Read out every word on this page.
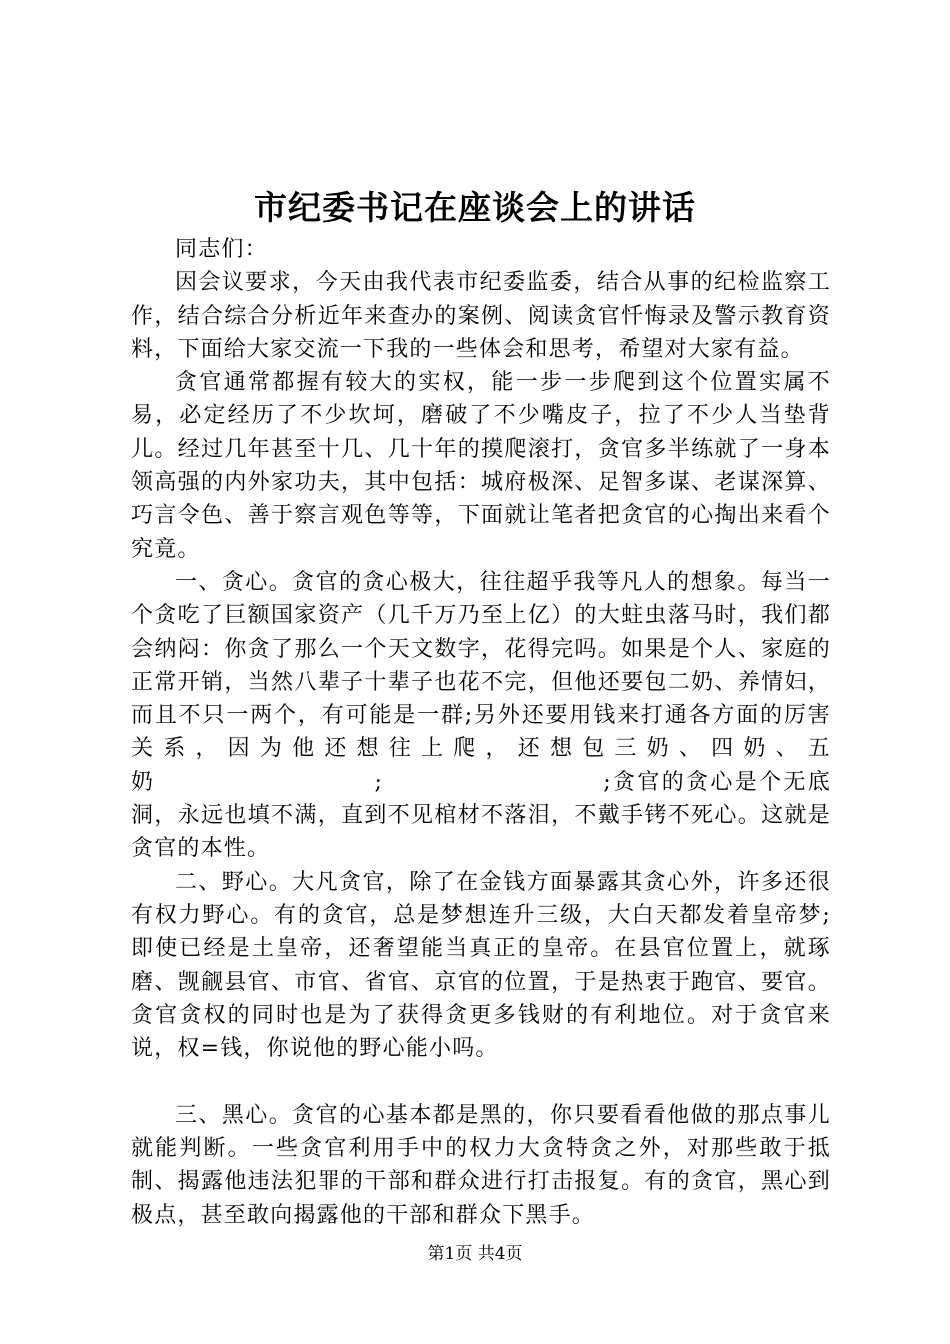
市纪委书记在座谈会上的讲话

同志们：

因会议要求，今天由我代表市纪委监委，结合从事的纪检监察工作，结合综合分析近年来查办的案例、阅读贪官忏悔录及警示教育资料，下面给大家交流一下我的一些体会和思考，希望对大家有益。

贪官通常都握有较大的实权，能一步一步爬到这个位置实属不易，必定经历了不少坎坷，磨破了不少嘴皮子，拉了不少人当垫背儿。经过几年甚至十几、几十年的摸爬滚打，贪官多半练就了一身本领高强的内外家功夫，其中包括：城府极深、足智多谋、老谋深算、巧言令色、善于察言观色等等，下面就让笔者把贪官的心掏出来看个究竟。

一、贪心。贪官的贪心极大，往往超乎我等凡人的想象。每当一个贪吃了巨额国家资产（几千万乃至上亿）的大蛀虫落马时，我们都会纳闷：你贪了那么一个天文数字，花得完吗。如果是个人、家庭的正常开销，当然八辈子十辈子也花不完，但他还要包二奶、养情妇，而且不只一两个，有可能是一群;另外还要用钱来打通各方面的厉害关系，因为他还想往上爬，还想包三奶、四奶、五奶　　　　　　　　　;　　　　　　　　　;贪官的贪心是个无底洞，永远也填不满，直到不见棺材不落泪，不戴手铐不死心。这就是贪官的本性。

二、野心。大凡贪官，除了在金钱方面暴露其贪心外，许多还很有权力野心。有的贪官，总是梦想连升三级，大白天都发着皇帝梦;即使已经是土皇帝，还奢望能当真正的皇帝。在县官位置上，就琢磨、觊觎县官、市官、省官、京官的位置，于是热衷于跑官、要官。贪官贪权的同时也是为了获得贪更多钱财的有利地位。对于贪官来说，权=钱，你说他的野心能小吗。

三、黑心。贪官的心基本都是黑的，你只要看看他做的那点事儿就能判断。一些贪官利用手中的权力大贪特贪之外，对那些敢于抵制、揭露他违法犯罪的干部和群众进行打击报复。有的贪官，黑心到极点，甚至敢向揭露他的干部和群众下黑手。

第1页 共4页
